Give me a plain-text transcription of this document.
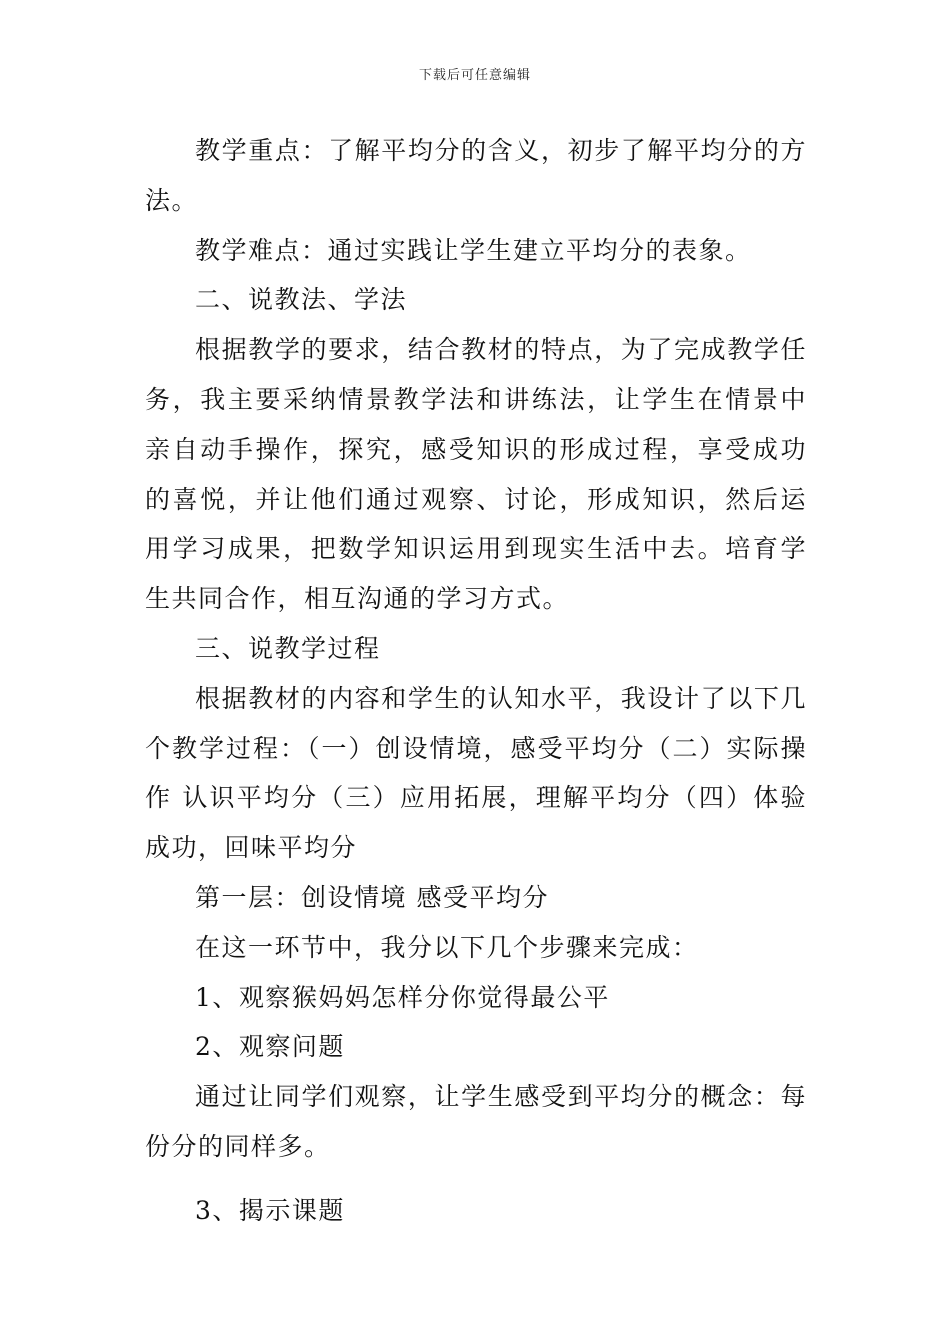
下载后可任意编辑

教学重点：了解平均分的含义，初步了解平均分的方法。

教学难点：通过实践让学生建立平均分的表象。

二、说教法、学法

根据教学的要求，结合教材的特点，为了完成教学任务，我主要采纳情景教学法和讲练法，让学生在情景中亲自动手操作，探究，感受知识的形成过程，享受成功的喜悦，并让他们通过观察、讨论，形成知识，然后运用学习成果，把数学知识运用到现实生活中去。培育学生共同合作，相互沟通的学习方式。

三、说教学过程

根据教材的内容和学生的认知水平，我设计了以下几个教学过程：（一）创设情境，感受平均分（二）实际操作 认识平均分（三）应用拓展，理解平均分（四）体验成功，回味平均分

第一层：创设情境 感受平均分

在这一环节中，我分以下几个步骤来完成：

1、观察猴妈妈怎样分你觉得最公平

2、观察问题

通过让同学们观察，让学生感受到平均分的概念：每份分的同样多。

3、揭示课题
